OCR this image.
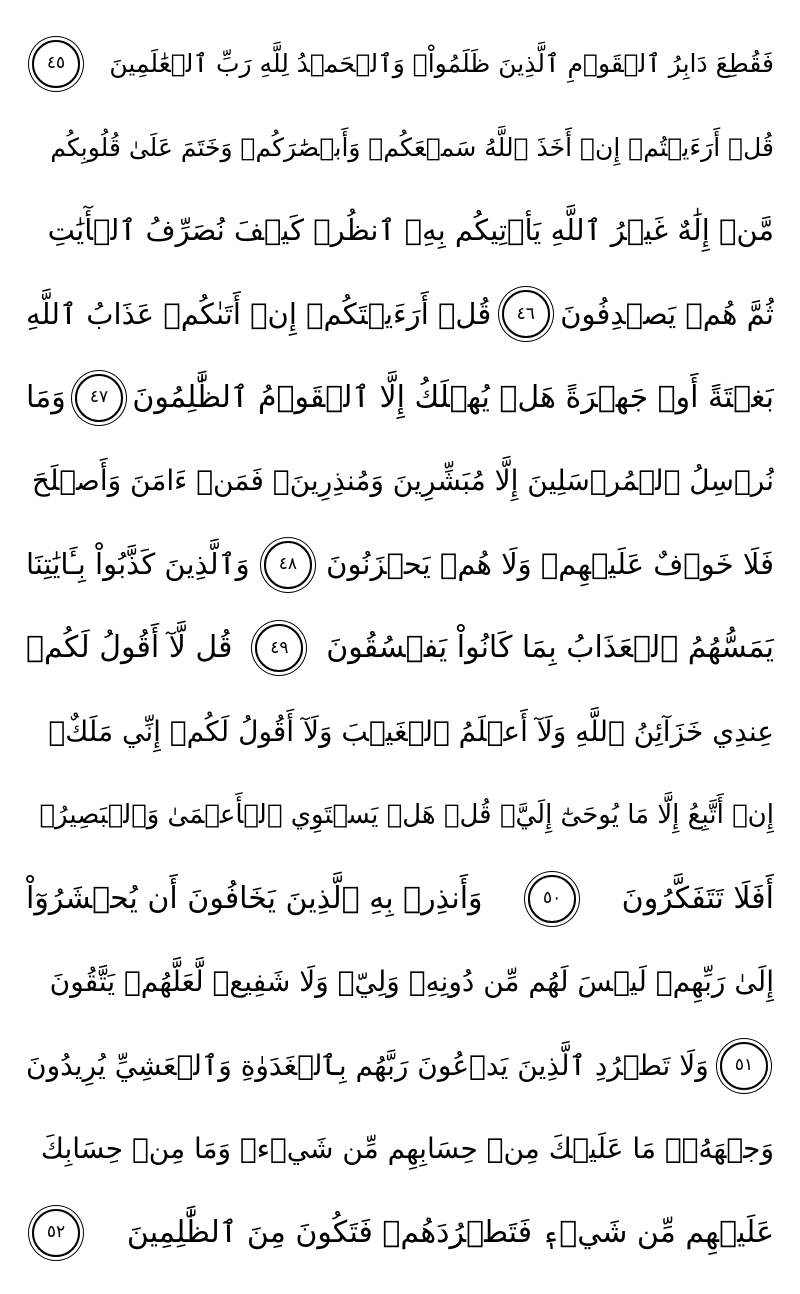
فَقُطِعَ دَابِرُ ٱلۡقَوۡمِ ٱلَّذِينَ ظَلَمُواْۚ وَٱلۡحَمۡدُ لِلَّهِ رَبِّ ٱلۡعَٰلَمِينَ
٤٥
قُلۡ أَرَءَيۡتُمۡ إِنۡ أَخَذَ ٱللَّهُ سَمۡعَكُمۡ وَأَبۡصَٰرَكُمۡ وَخَتَمَ عَلَىٰ قُلُوبِكُم
مَّنۡ إِلَٰهٌ غَيۡرُ ٱللَّهِ يَأۡتِيكُم بِهِۗ ٱنظُرۡ كَيۡفَ نُصَرِّفُ ٱلۡأٓيَٰتِ
ثُمَّ هُمۡ يَصۡدِفُونَ
٤٦
قُلۡ أَرَءَيۡتَكُمۡ إِنۡ أَتَىٰكُمۡ عَذَابُ ٱللَّهِ
بَغۡتَةً أَوۡ جَهۡرَةً هَلۡ يُهۡلَكُ إِلَّا ٱلۡقَوۡمُ ٱلظَّٰلِمُونَ
٤٧
وَمَا
نُرۡسِلُ ٱلۡمُرۡسَلِينَ إِلَّا مُبَشِّرِينَ وَمُنذِرِينَۖ فَمَنۡ ءَامَنَ وَأَصۡلَحَ
فَلَا خَوۡفٌ عَلَيۡهِمۡ وَلَا هُمۡ يَحۡزَنُونَ
٤٨
وَٱلَّذِينَ كَذَّبُواْ بِـَٔايَٰتِنَا
يَمَسُّهُمُ ٱلۡعَذَابُ بِمَا كَانُواْ يَفۡسُقُونَ
٤٩
قُل لَّآ أَقُولُ لَكُمۡ
عِندِي خَزَآئِنُ ٱللَّهِ وَلَآ أَعۡلَمُ ٱلۡغَيۡبَ وَلَآ أَقُولُ لَكُمۡ إِنِّي مَلَكٌۖ
إِنۡ أَتَّبِعُ إِلَّا مَا يُوحَىٰٓ إِلَيَّۚ قُلۡ هَلۡ يَسۡتَوِي ٱلۡأَعۡمَىٰ وَٱلۡبَصِيرُۚ
أَفَلَا تَتَفَكَّرُونَ
٥٠
وَأَنذِرۡ بِهِ ٱلَّذِينَ يَخَافُونَ أَن يُحۡشَرُوٓاْ
إِلَىٰ رَبِّهِمۡ لَيۡسَ لَهُم مِّن دُونِهِۦ وَلِيّٞ وَلَا شَفِيعٞ لَّعَلَّهُمۡ يَتَّقُونَ
٥١
وَلَا تَطۡرُدِ ٱلَّذِينَ يَدۡعُونَ رَبَّهُم بِٱلۡغَدَوٰةِ وَٱلۡعَشِيِّ يُرِيدُونَ
وَجۡهَهُۥۖ مَا عَلَيۡكَ مِنۡ حِسَابِهِم مِّن شَيۡءٖ وَمَا مِنۡ حِسَابِكَ
عَلَيۡهِم مِّن شَيۡءٖ فَتَطۡرُدَهُمۡ فَتَكُونَ مِنَ ٱلظَّٰلِمِينَ
٥٢
